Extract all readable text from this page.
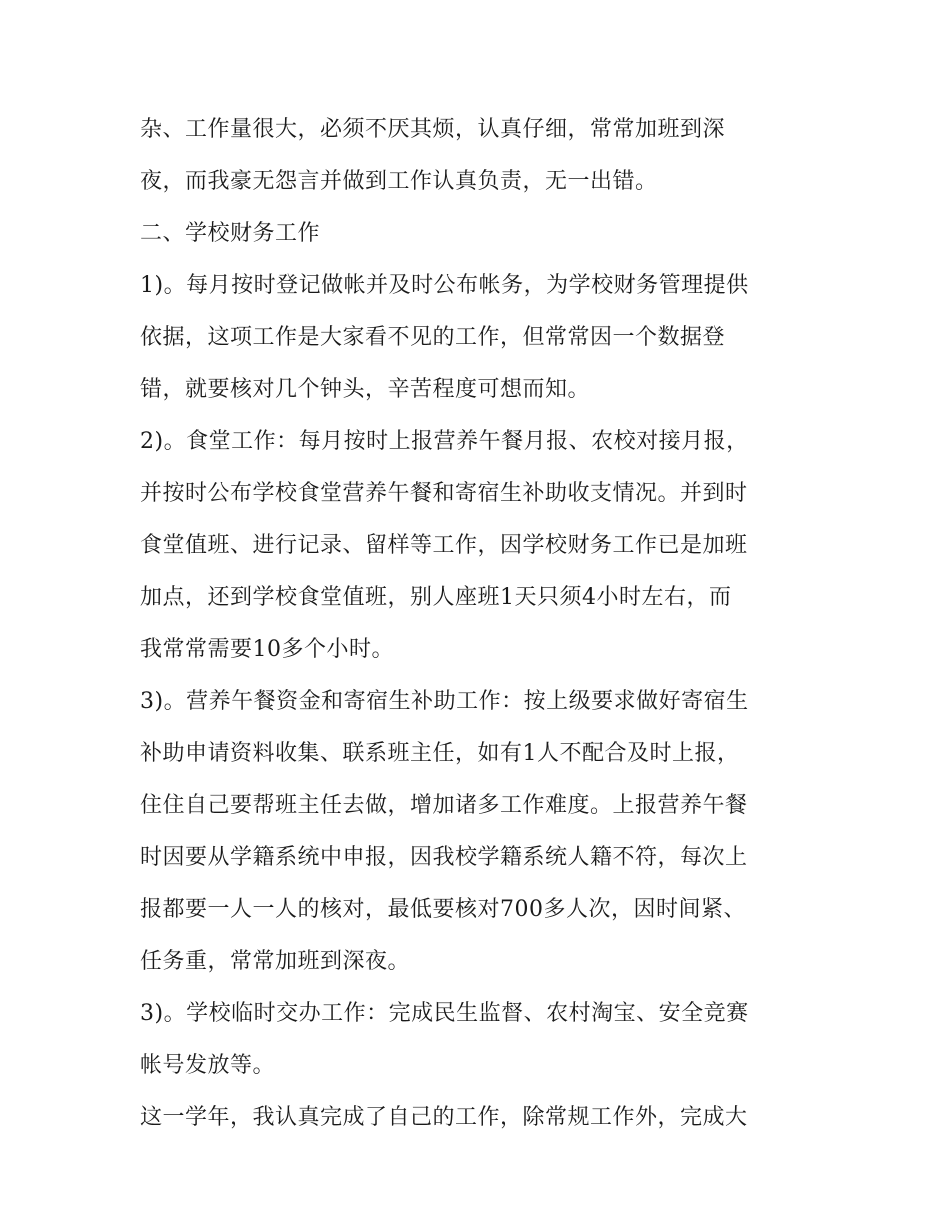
杂、工作量很大，必须不厌其烦，认真仔细，常常加班到深
夜，而我豪无怨言并做到工作认真负责，无一出错。
二、学校财务工作
1)。每月按时登记做帐并及时公布帐务，为学校财务管理提供
依据，这项工作是大家看不见的工作，但常常因一个数据登
错，就要核对几个钟头，辛苦程度可想而知。
2)。食堂工作：每月按时上报营养午餐月报、农校对接月报，
并按时公布学校食堂营养午餐和寄宿生补助收支情况。并到时
食堂值班、进行记录、留样等工作，因学校财务工作已是加班
加点，还到学校食堂值班，别人座班1天只须4小时左右，而
我常常需要10多个小时。
3)。营养午餐资金和寄宿生补助工作：按上级要求做好寄宿生
补助申请资料收集、联系班主任，如有1人不配合及时上报，
住住自己要帮班主任去做，增加诸多工作难度。上报营养午餐
时因要从学籍系统中申报，因我校学籍系统人籍不符，每次上
报都要一人一人的核对，最低要核对700多人次，因时间紧、
任务重，常常加班到深夜。
3)。学校临时交办工作：完成民生监督、农村淘宝、安全竞赛
帐号发放等。
这一学年，我认真完成了自己的工作，除常规工作外，完成大
